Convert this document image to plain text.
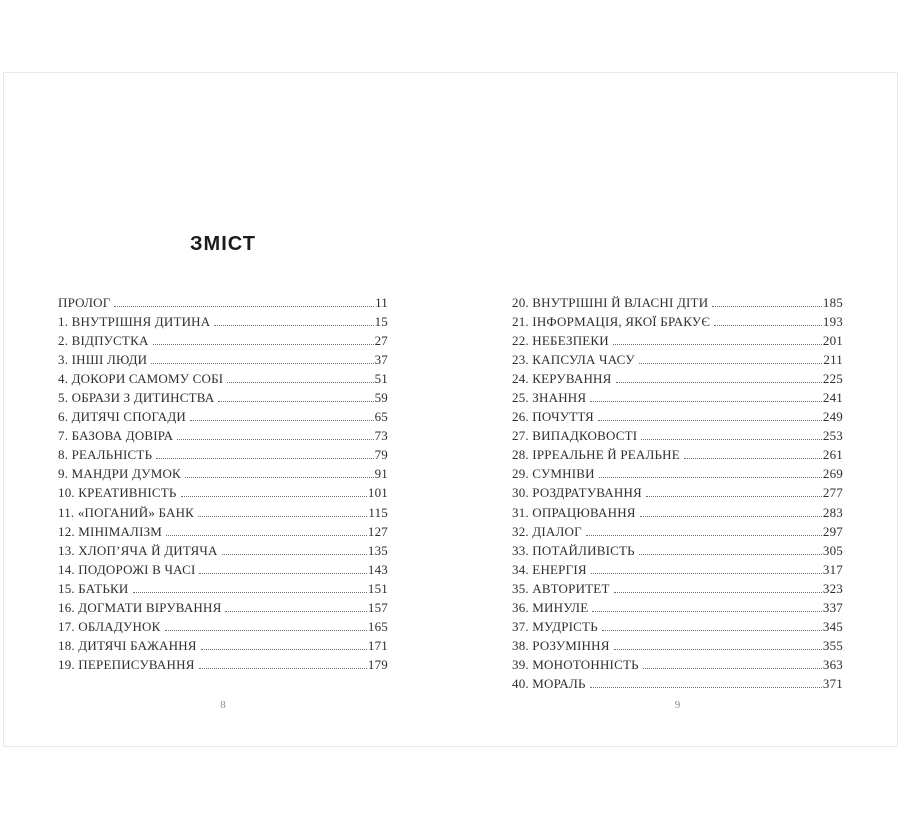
ЗМІСТ
ПРОЛОГ	11
1. ВНУТРІШНЯ ДИТИНА	15
2. ВІДПУСТКА	27
3. ІНШІ ЛЮДИ	37
4. ДОКОРИ САМОМУ СОБІ	51
5. ОБРАЗИ З ДИТИНСТВА	59
6. ДИТЯЧІ СПОГАДИ	65
7. БАЗОВА ДОВІРА	73
8. РЕАЛЬНІСТЬ	79
9. МАНДРИ ДУМОК	91
10. КРЕАТИВНІСТЬ	101
11. «ПОГАНИЙ» БАНК	115
12. МІНІМАЛІЗМ	127
13. ХЛОП’ЯЧА Й ДИТЯЧА	135
14. ПОДОРОЖІ В ЧАСІ	143
15. БАТЬКИ	151
16. ДОГМАТИ ВІРУВАННЯ	157
17. ОБЛАДУНОК	165
18. ДИТЯЧІ БАЖАННЯ	171
19. ПЕРЕПИСУВАННЯ	179
8
20. ВНУТРІШНІ Й ВЛАСНІ ДІТИ	185
21. ІНФОРМАЦІЯ, ЯКОЇ БРАКУЄ	193
22. НЕБЕЗПЕКИ	201
23. КАПСУЛА ЧАСУ	211
24. КЕРУВАННЯ	225
25. ЗНАННЯ	241
26. ПОЧУТТЯ	249
27. ВИПАДКОВОСТІ	253
28. ІРРЕАЛЬНЕ Й РЕАЛЬНЕ	261
29. СУМНІВИ	269
30. РОЗДРАТУВАННЯ	277
31. ОПРАЦЮВАННЯ	283
32. ДІАЛОГ	297
33. ПОТАЙЛИВІСТЬ	305
34. ЕНЕРГІЯ	317
35. АВТОРИТЕТ	323
36. МИНУЛЕ	337
37. МУДРІСТЬ	345
38. РОЗУМІННЯ	355
39. МОНОТОННІСТЬ	363
40. МОРАЛЬ	371
9
